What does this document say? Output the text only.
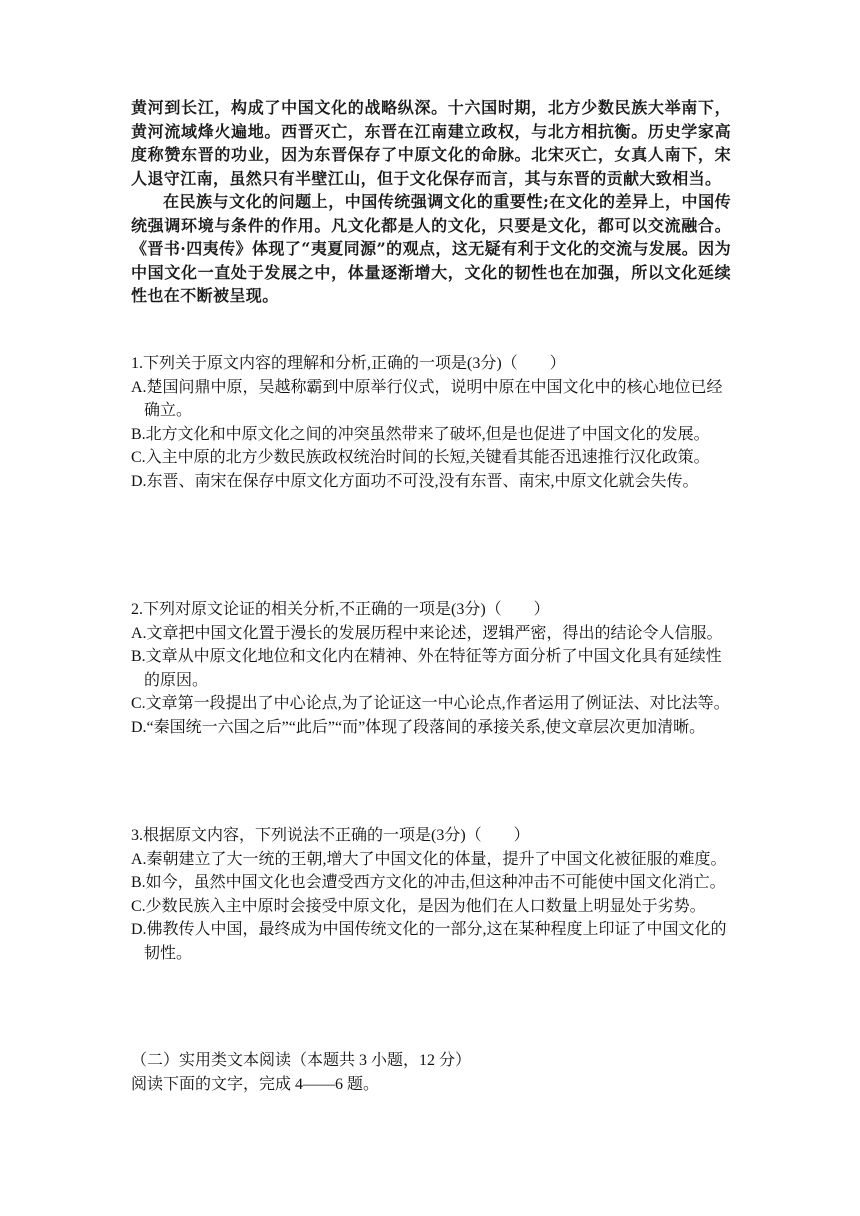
黄河到长江，构成了中国文化的战略纵深。十六国时期，北方少数民族大举南下，黄河流域烽火遍地。西晋灭亡，东晋在江南建立政权，与北方相抗衡。历史学家高度称赞东晋的功业，因为东晋保存了中原文化的命脉。北宋灭亡，女真人南下，宋人退守江南，虽然只有半壁江山，但于文化保存而言，其与东晋的贡献大致相当。

在民族与文化的问题上，中国传统强调文化的重要性;在文化的差异上，中国传统强调环境与条件的作用。凡文化都是人的文化，只要是文化，都可以交流融合。《晋书·四夷传》体现了“夷夏同源”的观点，这无疑有利于文化的交流与发展。因为中国文化一直处于发展之中，体量逐渐增大，文化的韧性也在加强，所以文化延续性也在不断被呈现。

1.下列关于原文内容的理解和分析,正确的一项是(3分)（　　）

A.楚国问鼎中原，吴越称霸到中原举行仪式，说明中原在中国文化中的核心地位已经确立。

B.北方文化和中原文化之间的冲突虽然带来了破坏,但是也促进了中国文化的发展。

C.入主中原的北方少数民族政权统治时间的长短,关键看其能否迅速推行汉化政策。

D.东晋、南宋在保存中原文化方面功不可没,没有东晋、南宋,中原文化就会失传。

2.下列对原文论证的相关分析,不正确的一项是(3分)（　　）

A.文章把中国文化置于漫长的发展历程中来论述，逻辑严密，得出的结论令人信服。

B.文章从中原文化地位和文化内在精神、外在特征等方面分析了中国文化具有延续性的原因。

C.文章第一段提出了中心论点,为了论证这一中心论点,作者运用了例证法、对比法等。

D.“秦国统一六国之后”“此后”“而”体现了段落间的承接关系,使文章层次更加清晰。

3.根据原文内容，下列说法不正确的一项是(3分)（　　）

A.秦朝建立了大一统的王朝,增大了中国文化的体量，提升了中国文化被征服的难度。

B.如今，虽然中国文化也会遭受西方文化的冲击,但这种冲击不可能使中国文化消亡。

C.少数民族入主中原时会接受中原文化，是因为他们在人口数量上明显处于劣势。

D.佛教传人中国，最终成为中国传统文化的一部分,这在某种程度上印证了中国文化的韧性。

（二）实用类文本阅读（本题共 3 小题，12 分）

阅读下面的文字，完成 4——6 题。
